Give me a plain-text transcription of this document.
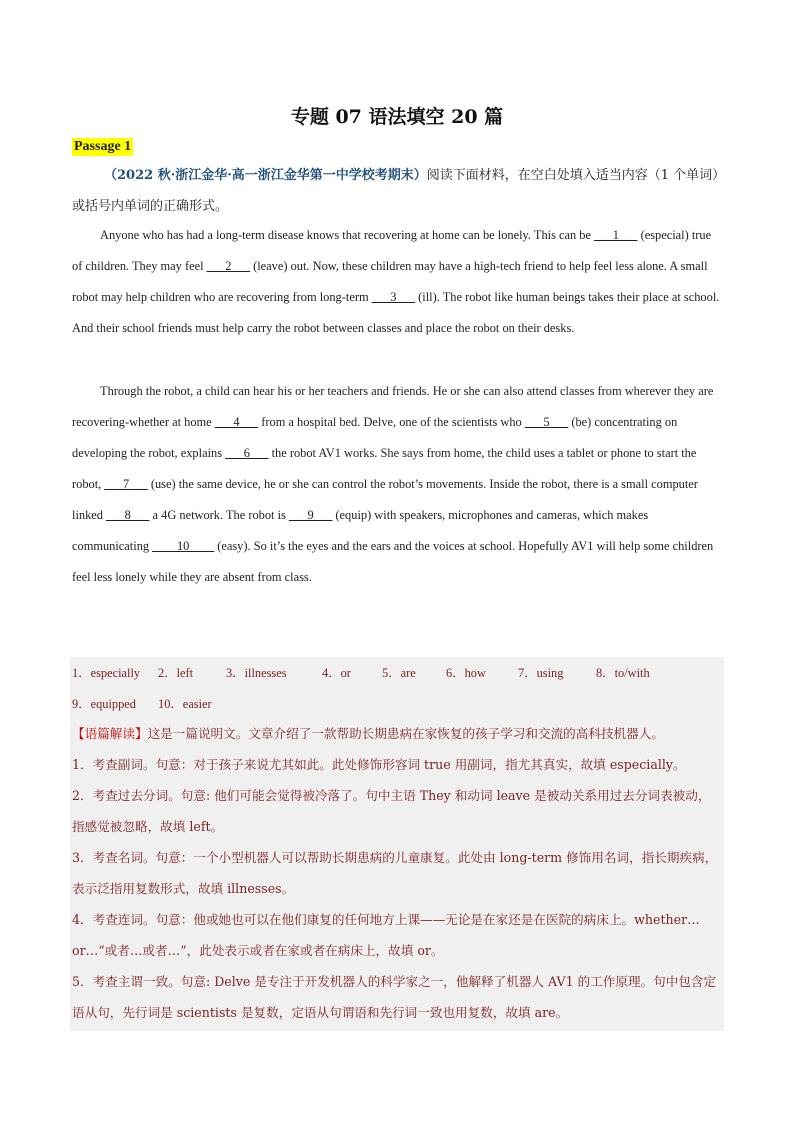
专题 07 语法填空 20 篇
Passage 1
（2022 秋·浙江金华·高一浙江金华第一中学校考期末）阅读下面材料，在空白处填入适当内容（1 个单词）或括号内单词的正确形式。

Anyone who has had a long-term disease knows that recovering at home can be lonely. This can be ___1___ (especial) true of children. They may feel ___2___ (leave) out. Now, these children may have a high-tech friend to help feel less alone. A small robot may help children who are recovering from long-term ___3___ (ill). The robot like human beings takes their place at school. And their school friends must help carry the robot between classes and place the robot on their desks.

Through the robot, a child can hear his or her teachers and friends. He or she can also attend classes from wherever they are recovering-whether at home ___4___ from a hospital bed. Delve, one of the scientists who ___5___ (be) concentrating on developing the robot, explains ___6___ the robot AV1 works. She says from home, the child uses a tablet or phone to start the robot, ___7___ (use) the same device, he or she can control the robot’s movements. Inside the robot, there is a small computer linked ___8___ a 4G network. The robot is ___9___ (equip) with speakers, microphones and cameras, which makes communicating ____10____ (easy). So it’s the eyes and the ears and the voices at school. Hopefully AV1 will help some children feel less lonely while they are absent from class.

1．especially 2．left	3．illnesses	4．or	5．are 6．how	7．using	8．to/with
9．equipped 10．easier

【语篇解读】这是一篇说明文。文章介绍了一款帮助长期患病在家恢复的孩子学习和交流的高科技机器人。

1．考查副词。句意：对于孩子来说尤其如此。此处修饰形容词 true 用副词，指尤其真实，故填 especially。

2．考查过去分词。句意: 他们可能会觉得被冷落了。句中主语 They 和动词 leave 是被动关系用过去分词表被动，指感觉被忽略，故填 left。

3．考查名词。句意：一个小型机器人可以帮助长期患病的儿童康复。此处由 long-term 修饰用名词，指长期疾病，表示泛指用复数形式，故填 illnesses。

4．考查连词。句意：他或她也可以在他们康复的任何地方上课——无论是在家还是在医院的病床上。whether…or…“或者…或者…”，此处表示或者在家或者在病床上，故填 or。

5．考查主谓一致。句意: Delve 是专注于开发机器人的科学家之一，他解释了机器人 AV1 的工作原理。句中包含定语从句，先行词是 scientists 是复数，定语从句谓语和先行词一致也用复数，故填 are。
